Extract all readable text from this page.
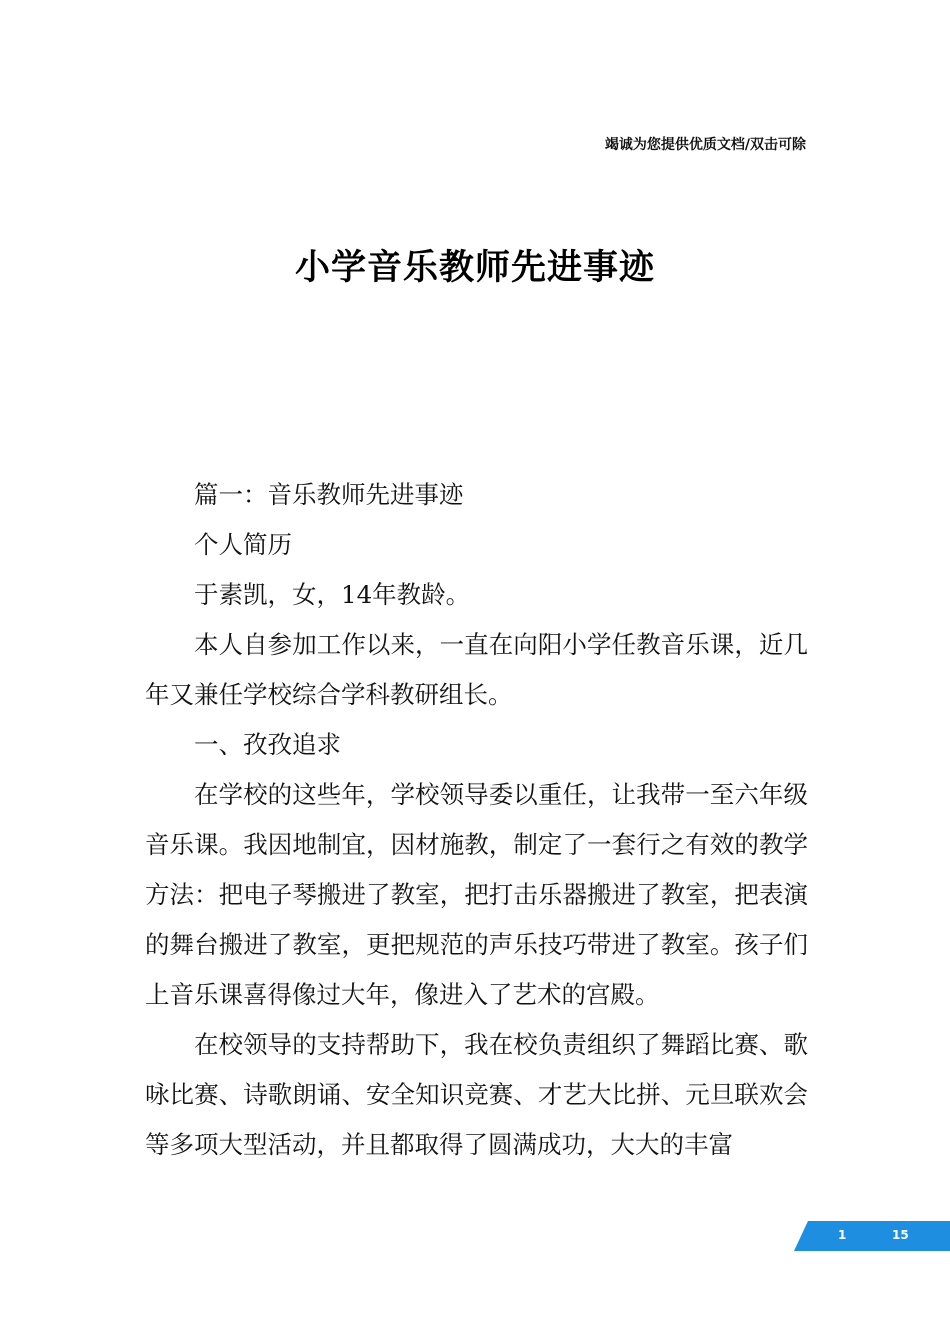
竭诚为您提供优质文档/双击可除
小学音乐教师先进事迹

篇一：音乐教师先进事迹

个人简历

于素凯，女，14年教龄。

本人自参加工作以来，一直在向阳小学任教音乐课，近几年又兼任学校综合学科教研组长。

一、孜孜追求

在学校的这些年，学校领导委以重任，让我带一至六年级音乐课。我因地制宜，因材施教，制定了一套行之有效的教学方法：把电子琴搬进了教室，把打击乐器搬进了教室，把表演的舞台搬进了教室，更把规范的声乐技巧带进了教室。孩子们上音乐课喜得像过大年，像进入了艺术的宫殿。

在校领导的支持帮助下，我在校负责组织了舞蹈比赛、歌咏比赛、诗歌朗诵、安全知识竞赛、才艺大比拼、元旦联欢会等多项大型活动，并且都取得了圆满成功，大大的丰富

1	15
